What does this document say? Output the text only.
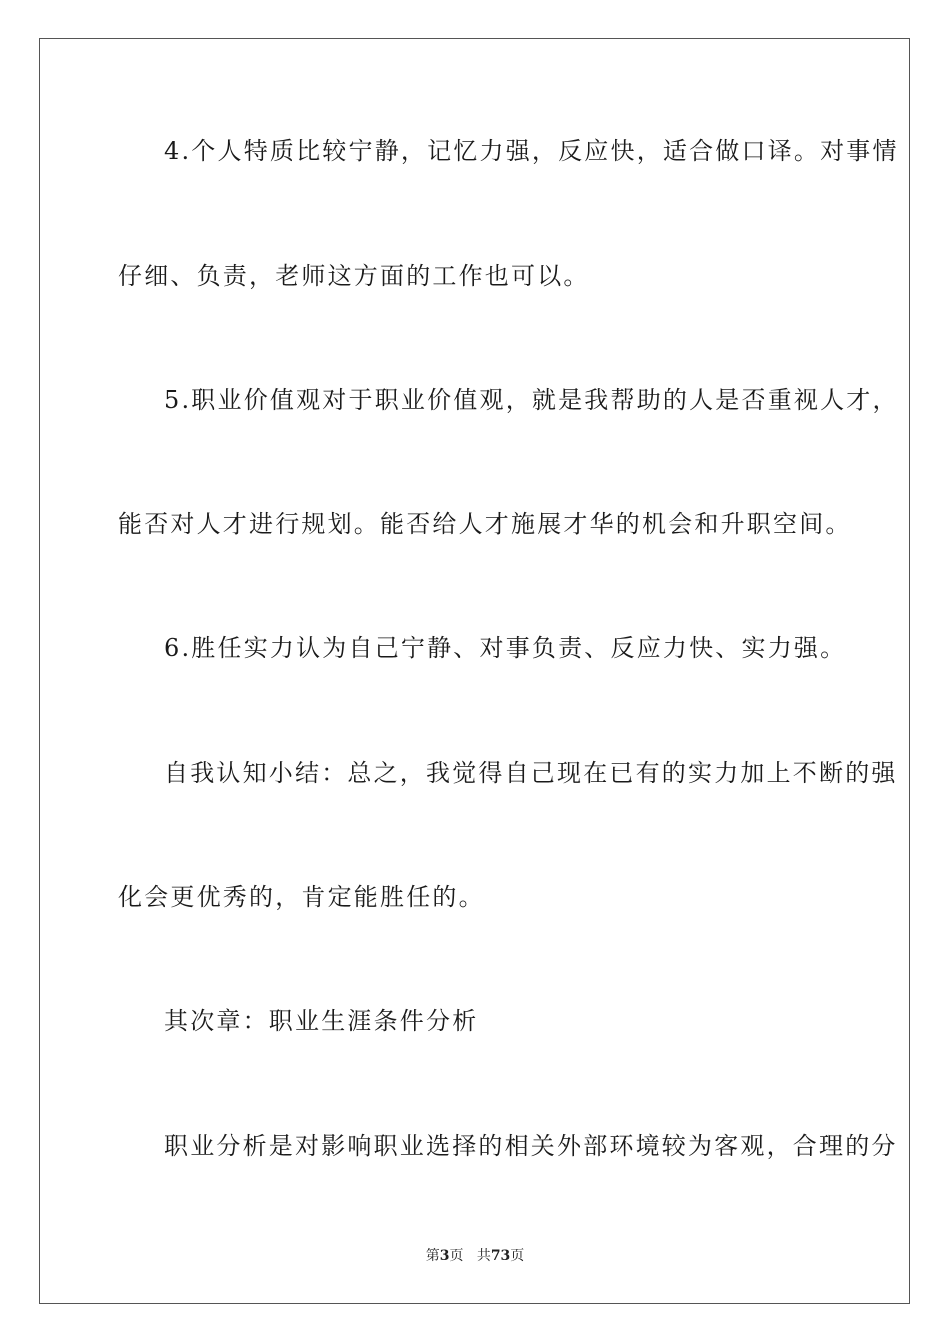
4.个人特质比较宁静，记忆力强，反应快，适合做口译。对事情
仔细、负责，老师这方面的工作也可以。
5.职业价值观对于职业价值观，就是我帮助的人是否重视人才，
能否对人才进行规划。能否给人才施展才华的机会和升职空间。
6.胜任实力认为自己宁静、对事负责、反应力快、实力强。
自我认知小结：总之，我觉得自己现在已有的实力加上不断的强
化会更优秀的，肯定能胜任的。
其次章：职业生涯条件分析
职业分析是对影响职业选择的相关外部环境较为客观，合理的分
第3页 共73页
